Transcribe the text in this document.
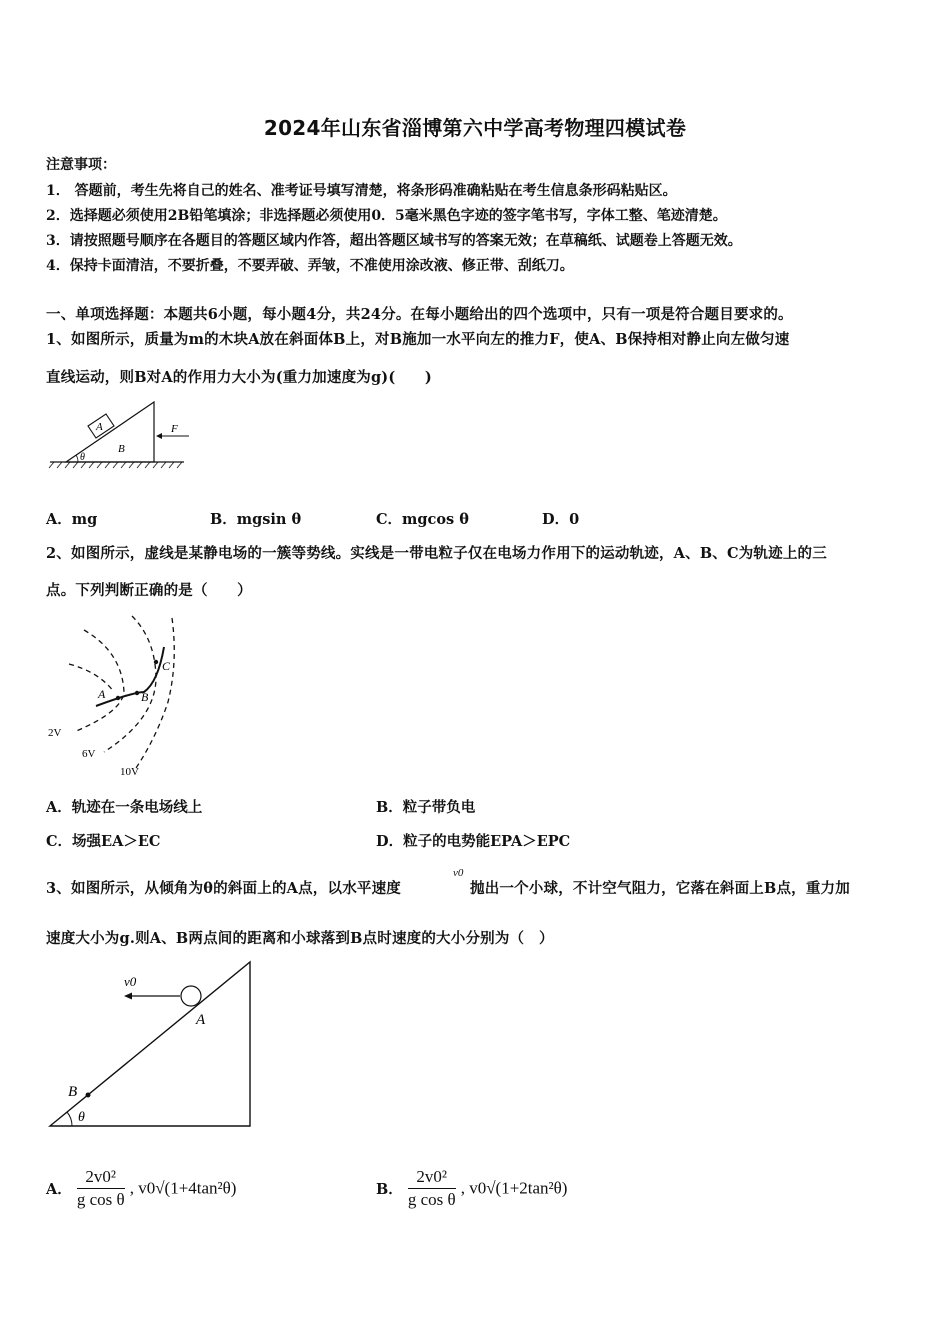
2024年山东省淄博第六中学高考物理四模试卷
注意事项：
1． 答题前，考生先将自己的姓名、准考证号填写清楚，将条形码准确粘贴在考生信息条形码粘贴区。
2．选择题必须使用2B铅笔填涂；非选择题必须使用0．5毫米黑色字迹的签字笔书写，字体工整、笔迹清楚。
3．请按照题号顺序在各题目的答题区域内作答，超出答题区域书写的答案无效；在草稿纸、试题卷上答题无效。
4．保持卡面清洁，不要折叠，不要弄破、弄皱，不准使用涂改液、修正带、刮纸刀。
一、单项选择题：本题共6小题，每小题4分，共24分。在每小题给出的四个选项中，只有一项是符合题目要求的。
1、如图所示，质量为m的木块A放在斜面体B上，对B施加一水平向左的推力F，使A、B保持相对静止向左做匀速
直线运动，则B对A的作用力大小为(重力加速度为g)(　　)
A
B
θ
F
A．mg	B．mgsin θ	C．mgcos θ	D．0
2、如图所示，虚线是某静电场的一簇等势线。实线是一带电粒子仅在电场力作用下的运动轨迹，A、B、C为轨迹上的三
点。下列判断正确的是（　　）
A	B
C
2V
6V
10V
A．轨迹在一条电场线上	B．粒子带负电
C．场强EA＞EC	D．粒子的电势能EPA＞EPC
3、如图所示，从倾角为θ的斜面上的A点，以水平速度
v0
抛出一个小球，不计空气阻力，它落在斜面上B点，重力加
速度大小为g.则A、B两点间的距离和小球落到B点时速度的大小分别为（　）
v0
A
B
θ
A． $\frac{\text{2v0²}}{\text{g cos θ}}$ , v0√(1+4tan²θ)	B． $\frac{\text{2v0²}}{\text{g cos θ}}$ , v0√(1+2tan²θ)
